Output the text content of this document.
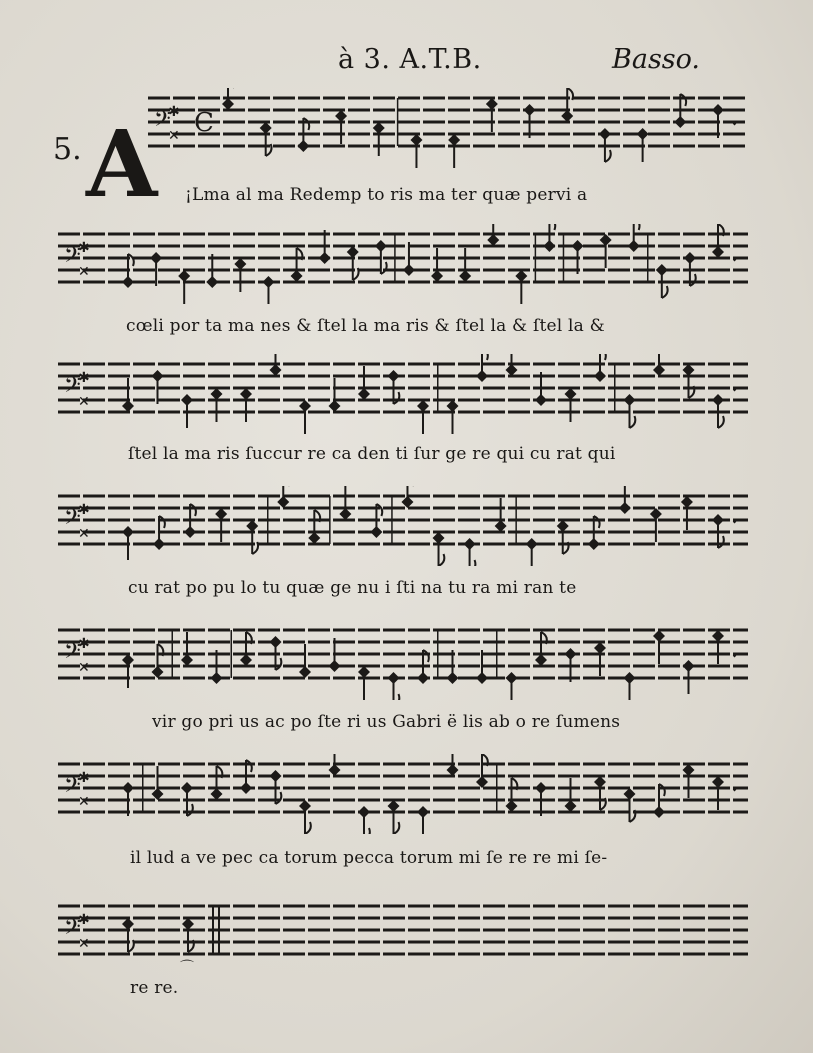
à 3. A.T.B.	Basso.
5. A
𝄢
✱
✕ C	𝆺
¡Lma al ma Redemp to ris ma ter quæ pervi a
𝄢
✱
✕
𝆺
cœli por ta ma nes & ſtel la ma ris & ſtel la & ſtel la &
𝄢
✱
✕
𝆺
ſtel la ma ris ſuccur re ca den ti ſur ge re qui cu rat qui
𝄢
✱
✕
𝆺
cu rat po pu lo tu quæ ge nu i ſti na tu ra mi ran te
𝄢
✱
✕
𝆺
vir go pri us ac po ſte ri us Gabri ë lis ab o re ſumens
𝄢
✱
✕
𝆺
il lud a ve pec ca torum pecca torum mi ſe re re mi ſe-
𝄢
✱
✕
⌒
re re.
